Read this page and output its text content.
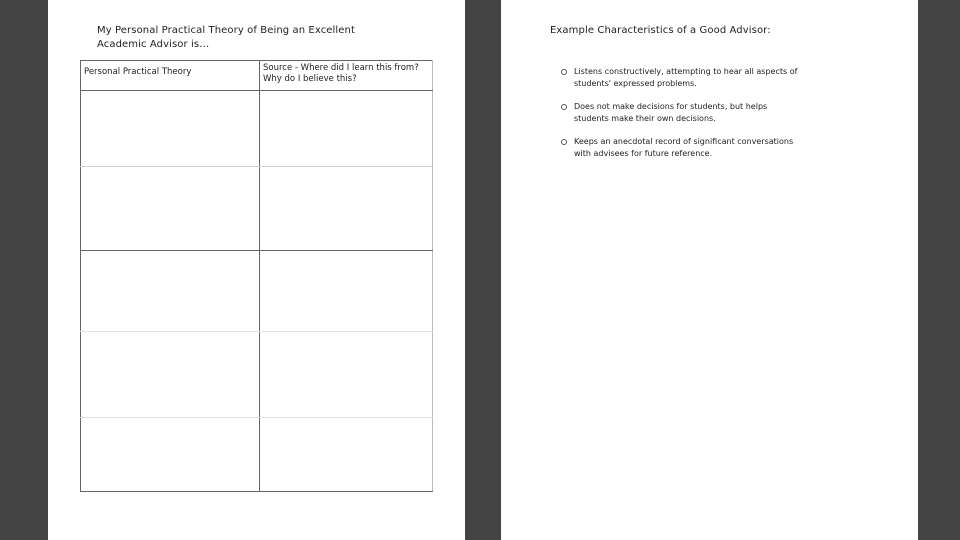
My Personal Practical Theory of Being an Excellent
Academic Advisor is…
Personal Practical Theory	Source - Where did I learn this from? Why do I believe this?

Example Characteristics of a Good Advisor:
Listens constructively, attempting to hear all aspects of
students' expressed problems.
Does not make decisions for students, but helps
students make their own decisions.
Keeps an anecdotal record of significant conversations
with advisees for future reference.
